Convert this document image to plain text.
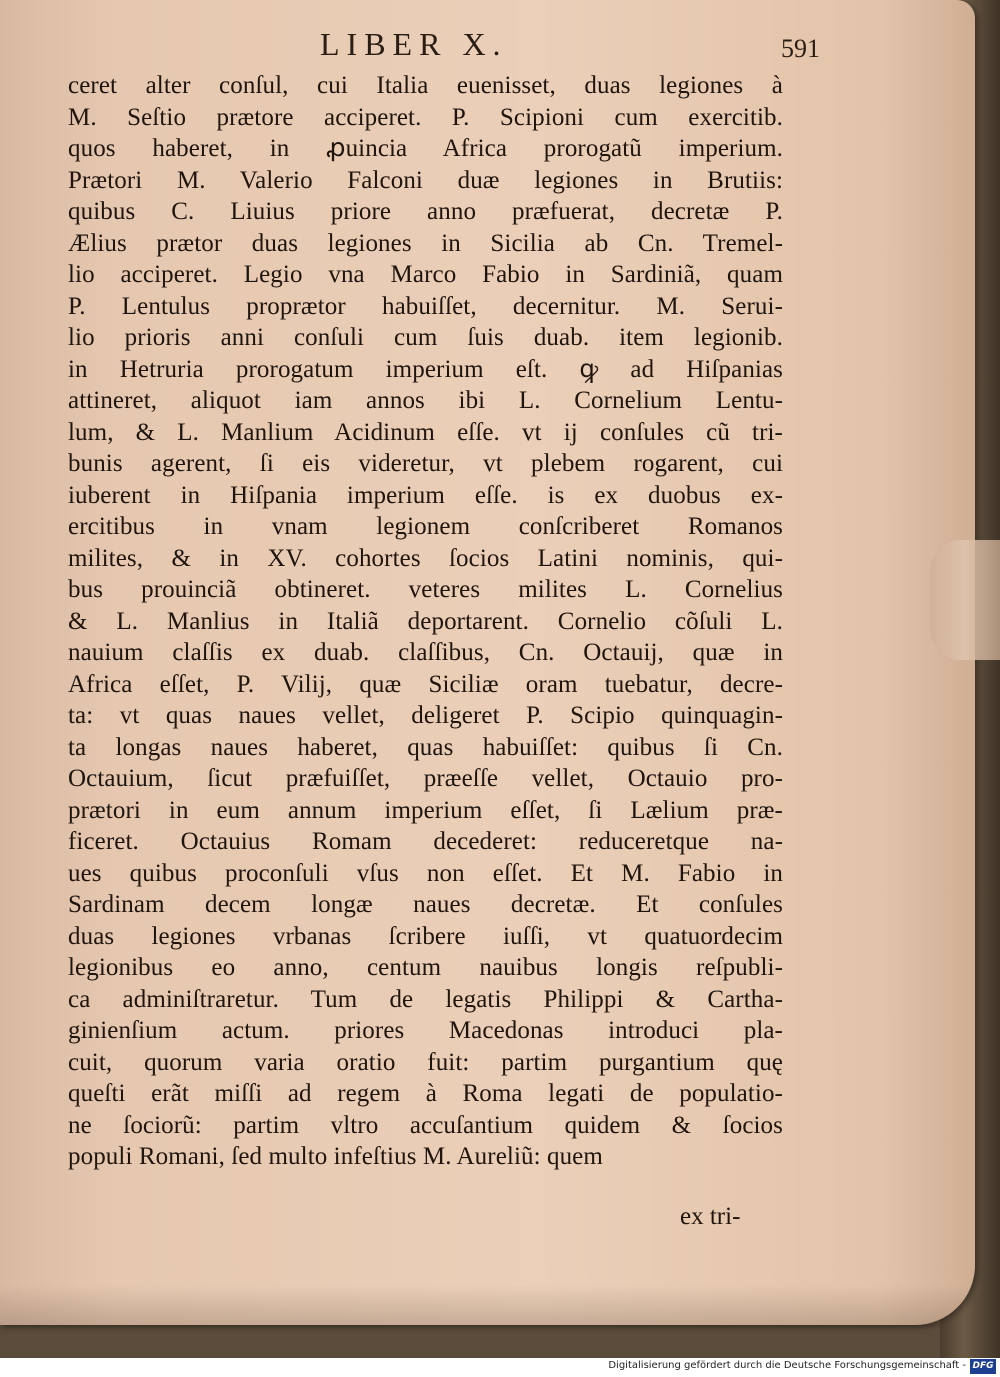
LIBER X.	591
ceret alter conſul, cui Italia euenisset, duas legiones à
M. Seſtio prætore acciperet. P. Scipioni cum exercitib.
quos haberet, in ꝓuincia Africa prorogatũ imperium.
Prætori M. Valerio Falconi duæ legiones in Brutiis:
quibus C. Liuius priore anno præfuerat, decretæ P.
Ælius prætor duas legiones in Sicilia ab Cn. Tremel-
lio acciperet. Legio vna Marco Fabio in Sardiniã, quam
P. Lentulus proprætor habuiſſet, decernitur. M. Serui-
lio prioris anni conſuli cum ſuis duab. item legionib.
in Hetruria prorogatum imperium eſt. ꝙ ad Hiſpanias
attineret, aliquot iam annos ibi L. Cornelium Lentu-
lum, & L. Manlium Acidinum eſſe. vt ij conſules cũ tri-
bunis agerent, ſi eis videretur, vt plebem rogarent, cui
iuberent in Hiſpania imperium eſſe. is ex duobus ex-
ercitibus in vnam legionem conſcriberet Romanos
milites, & in XV. cohortes ſocios Latini nominis, qui-
bus prouinciã obtineret. veteres milites L. Cornelius
& L. Manlius in Italiã deportarent. Cornelio cõſuli L.
nauium claſſis ex duab. claſſibus, Cn. Octauij, quæ in
Africa eſſet, P. Vilij, quæ Siciliæ oram tuebatur, decre-
ta: vt quas naues vellet, deligeret P. Scipio quinquagin-
ta longas naues haberet, quas habuiſſet: quibus ſi Cn.
Octauium, ſicut præfuiſſet, præeſſe vellet, Octauio pro-
prætori in eum annum imperium eſſet, ſi Lælium præ-
ficeret. Octauius Romam decederet: reduceretque na-
ues quibus proconſuli vſus non eſſet. Et M. Fabio in
Sardinam decem longæ naues decretæ. Et conſules
duas legiones vrbanas ſcribere iuſſi, vt quatuordecim
legionibus eo anno, centum nauibus longis reſpubli-
ca adminiſtraretur. Tum de legatis Philippi & Cartha-
ginienſium actum. priores Macedonas introduci pla-
cuit, quorum varia oratio fuit: partim purgantium quę
queſti erãt miſſi ad regem à Roma legati de populatio-
ne ſociorũ: partim vltro accuſantium quidem & ſocios
populi Romani, ſed multo infeſtius M. Aureliũ: quem
ex tri-
Digitalisierung gefördert durch die Deutsche Forschungsgemeinschaft - DFG
